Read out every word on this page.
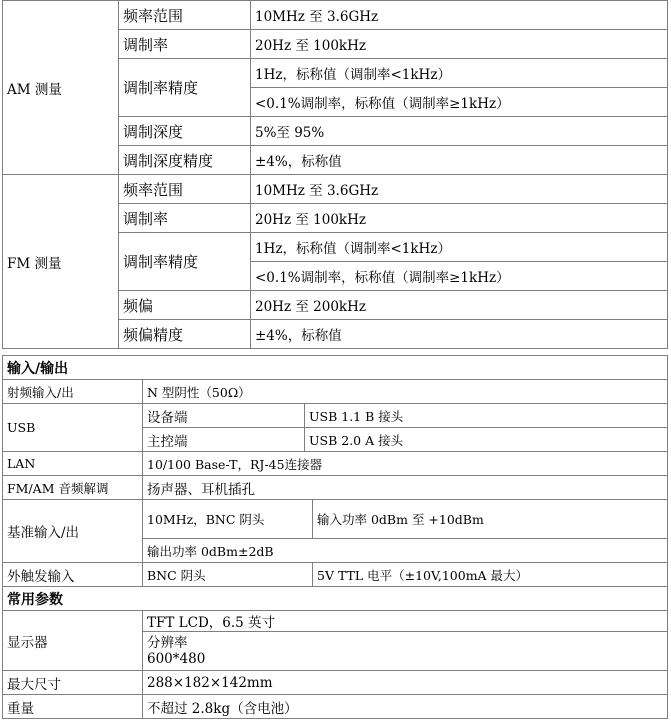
AM 测量	频率范围	10MHz 至 3.6GHz
	调制率	20Hz 至 100kHz
	调制率精度	1Hz，标称值（调制率<1kHz）
		<0.1%调制率，标称值（调制率≥1kHz）
	调制深度	5%至 95%
	调制深度精度	±4%，标称值
FM 测量	频率范围	10MHz 至 3.6GHz
	调制率	20Hz 至 100kHz
	调制率精度	1Hz，标称值（调制率<1kHz）
		<0.1%调制率，标称值（调制率≥1kHz）
	频偏	20Hz 至 200kHz
	频偏精度	±4%，标称值
输入/输出			
射频输入/出	N 型阴性（50Ω）		
USB	设备端	USB 1.1 B 接头	
	主控端	USB 2.0 A 接头	
LAN	10/100 Base-T，RJ-45连接器		
FM/AM 音频解调	扬声器、耳机插孔		
基准输入/出	10MHz，BNC 阴头		输入功率 0dBm 至 +10dBm
	输出功率 0dBm±2dB		
外触发输入	BNC 阴头		5V TTL 电平（±10V,100mA 最大）
常用参数			
显示器	TFT LCD，6.5 英寸		

	分辨率
600*480		

最大尺寸	288×182×142mm		
重量	不超过 2.8kg（含电池）		
